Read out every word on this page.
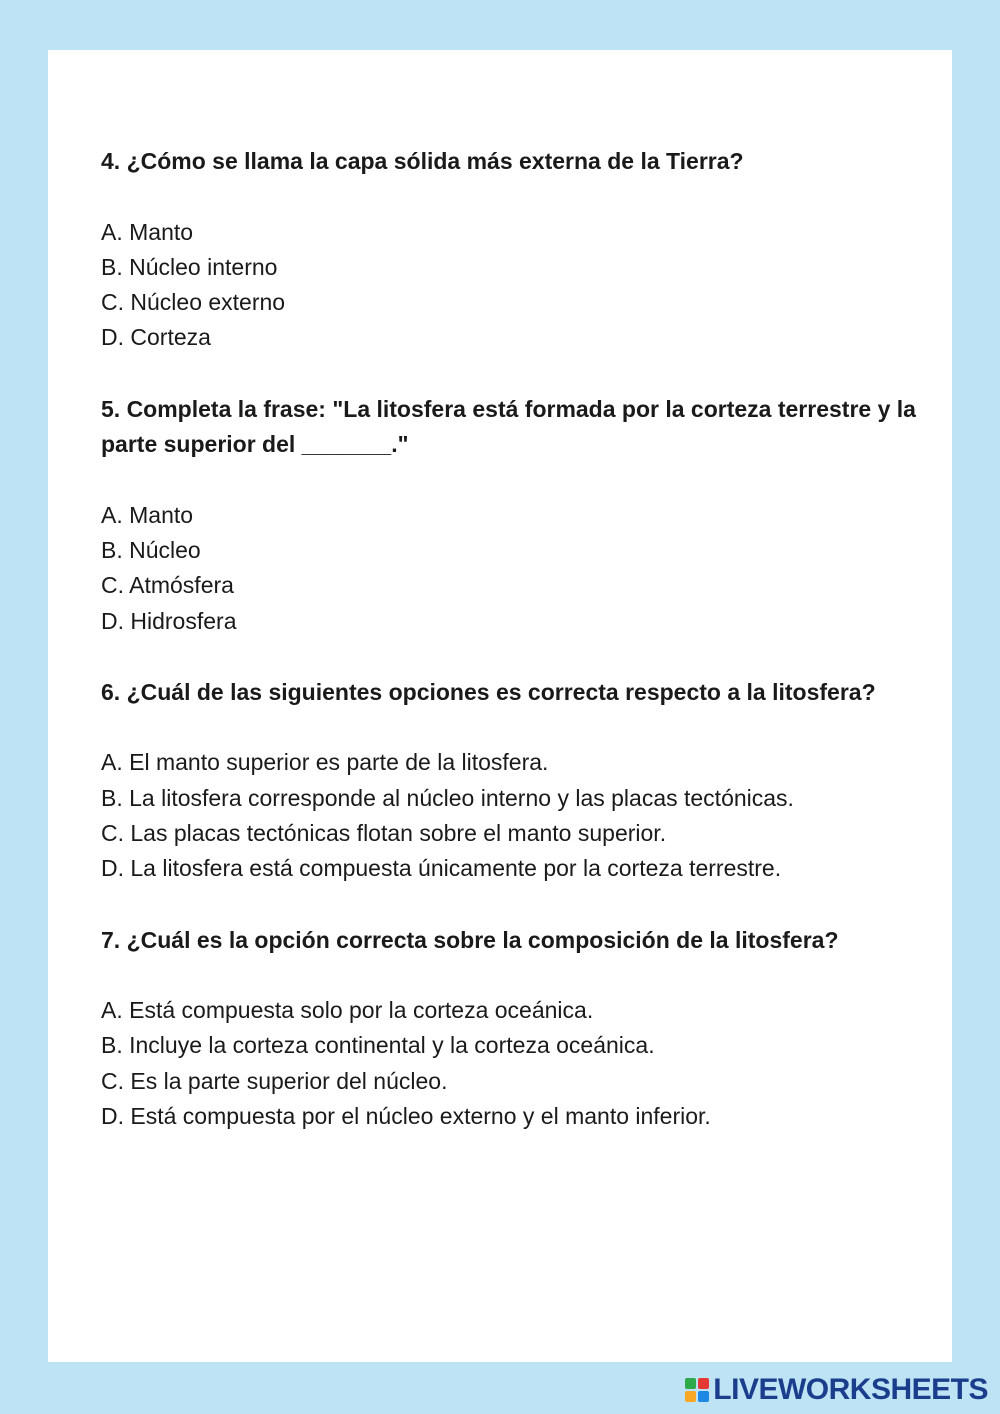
4. ¿Cómo se llama la capa sólida más externa de la Tierra?

A. Manto
B. Núcleo interno
C. Núcleo externo
D. Corteza

5. Completa la frase: "La litosfera está formada por la corteza terrestre y la parte superior del _______."

A. Manto
B. Núcleo
C. Atmósfera
D. Hidrosfera

6. ¿Cuál de las siguientes opciones es correcta respecto a la litosfera?

A. El manto superior es parte de la litosfera.
B. La litosfera corresponde al núcleo interno y las placas tectónicas.
C. Las placas tectónicas flotan sobre el manto superior.
D. La litosfera está compuesta únicamente por la corteza terrestre.

7. ¿Cuál es la opción correcta sobre la composición de la litosfera?

A. Está compuesta solo por la corteza oceánica.
B. Incluye la corteza continental y la corteza oceánica.
C. Es la parte superior del núcleo.
D. Está compuesta por el núcleo externo y el manto inferior.
LIVEWORKSHEETS
